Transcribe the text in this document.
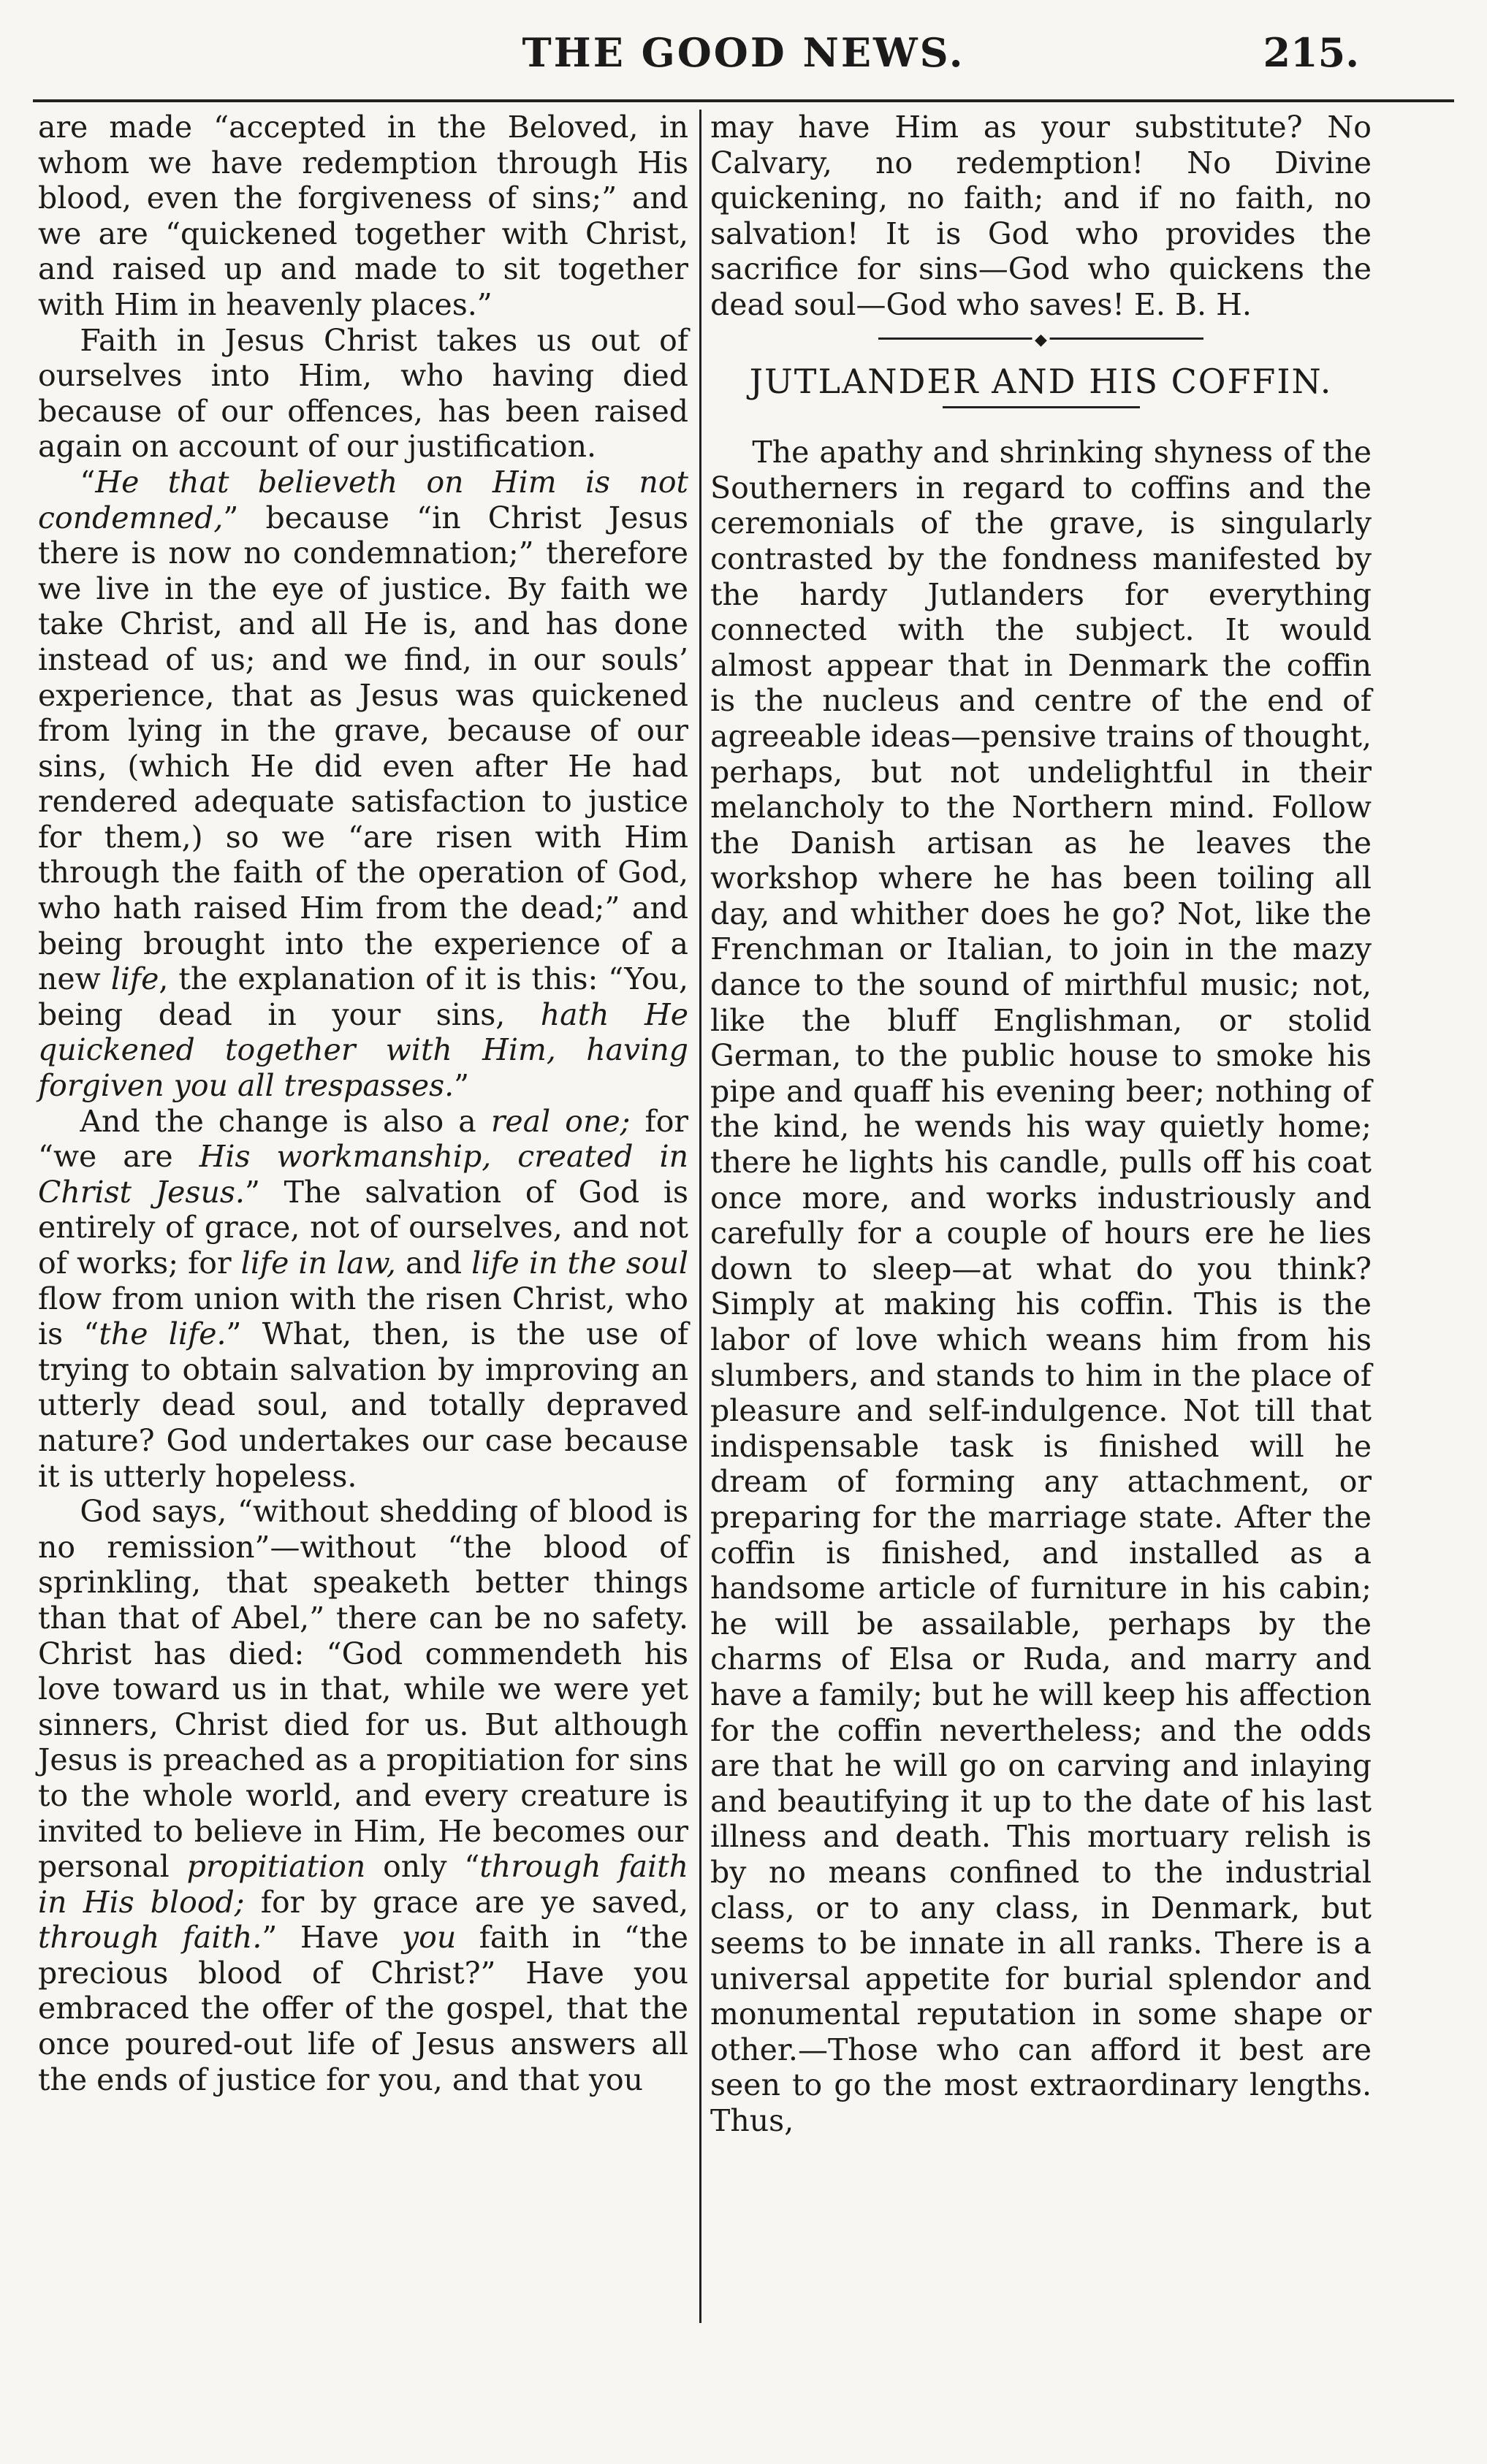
THE GOOD NEWS.	215.

are made “accepted in the Beloved, in whom we have redemption through His blood, even the forgiveness of sins;” and we are “quickened together with Christ, and raised up and made to sit together with Him in heavenly places.”

Faith in Jesus Christ takes us out of ourselves into Him, who having died because of our offences, has been raised again on account of our justification.

“He that believeth on Him is not condemned,” because “in Christ Jesus there is now no condemnation;” therefore we live in the eye of justice. By faith we take Christ, and all He is, and has done instead of us; and we find, in our souls’ experience, that as Jesus was quickened from lying in the grave, because of our sins, (which He did even after He had rendered adequate satisfaction to justice for them,) so we “are risen with Him through the faith of the operation of God, who hath raised Him from the dead;” and being brought into the experience of a new life, the explanation of it is this: “You, being dead in your sins, hath He quickened together with Him, having forgiven you all trespasses.”

And the change is also a real one; for “we are His workmanship, created in Christ Jesus.” The salvation of God is entirely of grace, not of ourselves, and not of works; for life in law, and life in the soul flow from union with the risen Christ, who is “the life.” What, then, is the use of trying to obtain salvation by improving an utterly dead soul, and totally depraved nature? God undertakes our case because it is utterly hopeless.

God says, “without shedding of blood is no remission”—without “the blood of sprinkling, that speaketh better things than that of Abel,” there can be no safety. Christ has died: “God commendeth his love toward us in that, while we were yet sinners, Christ died for us. But although Jesus is preached as a propitiation for sins to the whole world, and every creature is invited to believe in Him, He becomes our personal propitiation only “through faith in His blood; for by grace are ye saved, through faith.” Have you faith in “the precious blood of Christ?” Have you embraced the offer of the gospel, that the once poured-out life of Jesus answers all the ends of justice for you, and that you

may have Him as your substitute? No Calvary, no redemption! No Divine quickening, no faith; and if no faith, no salvation! It is God who provides the sacrifice for sins—God who quickens the dead soul—God who saves! E. B. H.

◆
JUTLANDER AND HIS COFFIN.

The apathy and shrinking shyness of the Southerners in regard to coffins and the ceremonials of the grave, is singularly contrasted by the fondness manifested by the hardy Jutlanders for everything connected with the subject. It would almost appear that in Denmark the coffin is the nucleus and centre of the end of agreeable ideas—pensive trains of thought, perhaps, but not undelightful in their melancholy to the Northern mind. Follow the Danish artisan as he leaves the workshop where he has been toiling all day, and whither does he go? Not, like the Frenchman or Italian, to join in the mazy dance to the sound of mirthful music; not, like the bluff Englishman, or stolid German, to the public house to smoke his pipe and quaff his evening beer; nothing of the kind, he wends his way quietly home; there he lights his candle, pulls off his coat once more, and works industriously and carefully for a couple of hours ere he lies down to sleep—at what do you think? Simply at making his coffin. This is the labor of love which weans him from his slumbers, and stands to him in the place of pleasure and self-indulgence. Not till that indispensable task is finished will he dream of forming any attachment, or preparing for the marriage state. After the coffin is finished, and installed as a handsome article of furniture in his cabin; he will be assailable, perhaps by the charms of Elsa or Ruda, and marry and have a family; but he will keep his affection for the coffin nevertheless; and the odds are that he will go on carving and inlaying and beautifying it up to the date of his last illness and death. This mortuary relish is by no means confined to the industrial class, or to any class, in Denmark, but seems to be innate in all ranks. There is a universal appetite for burial splendor and monumental reputation in some shape or other.—Those who can afford it best are seen to go the most extraordinary lengths. Thus,
